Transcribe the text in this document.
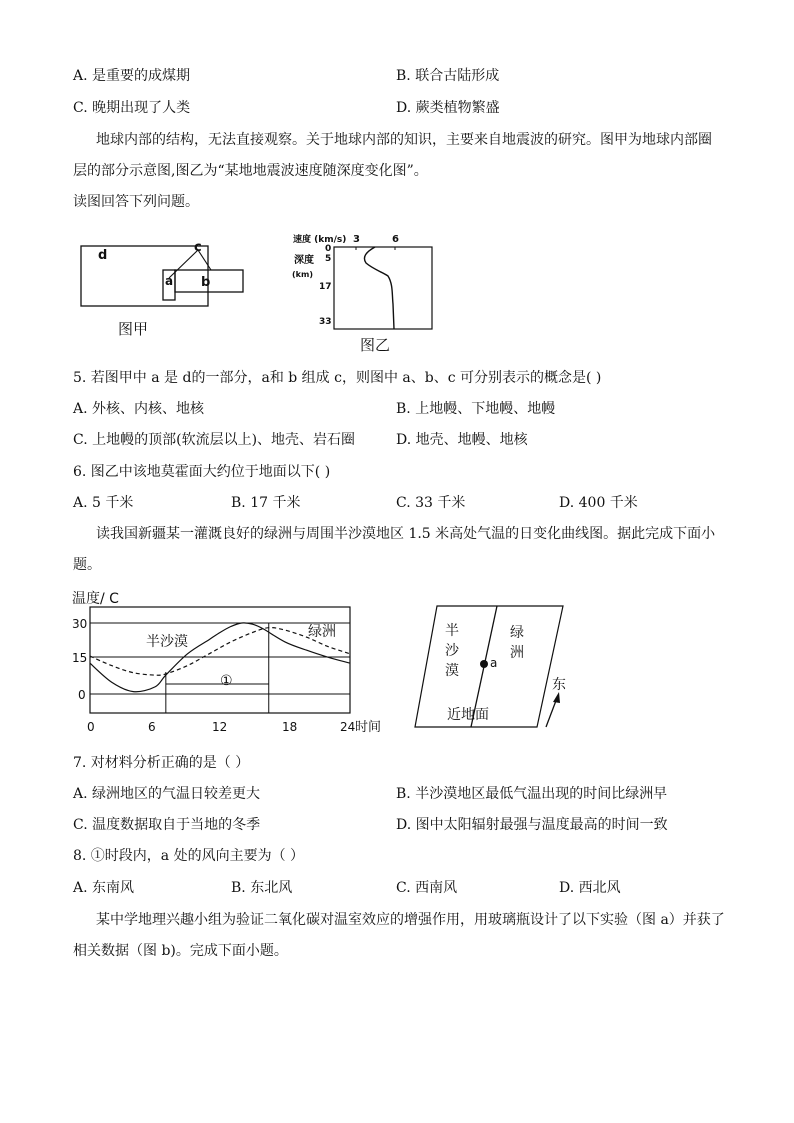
A. 是重要的成煤期	B. 联合古陆形成
C. 晚期出现了人类	D. 蕨类植物繁盛
地球内部的结构，无法直接观察。关于地球内部的知识，主要来自地震波的研究。图甲为地球内部圈
层的部分示意图,图乙为“某地地震波速度随深度变化图”。
读图回答下列问题。
d
c
a b
图甲
速度 (km/s) 3	6
深度
(km)
0
5
17
33
图乙
5. 若图甲中 a 是 d的一部分，a和 b 组成 c，则图中 a、b、c 可分别表示的概念是( )
A. 外核、内核、地核	B. 上地幔、下地幔、地幔
C. 上地幔的顶部(软流层以上)、地壳、岩石圈	D. 地壳、地幔、地核
6. 图乙中该地莫霍面大约位于地面以下( )
A. 5 千米	B. 17 千米	C. 33 千米	D. 400 千米
读我国新疆某一灌溉良好的绿洲与周围半沙漠地区 1.5 米高处气温的日变化曲线图。据此完成下面小
题。
温度/ C
30
15
0
0	6	12	18	24 时间
半沙漠
绿洲
①
半
沙
漠
绿
洲
a
近地面
东
7. 对材料分析正确的是（ ）
A. 绿洲地区的气温日较差更大	B. 半沙漠地区最低气温出现的时间比绿洲早
C. 温度数据取自于当地的冬季	D. 图中太阳辐射最强与温度最高的时间一致
8. ①时段内，a 处的风向主要为（ ）
A. 东南风	B. 东北风	C. 西南风	D. 西北风
某中学地理兴趣小组为验证二氧化碳对温室效应的增强作用，用玻璃瓶设计了以下实验（图 a）并获了
相关数据（图 b)。完成下面小题。
